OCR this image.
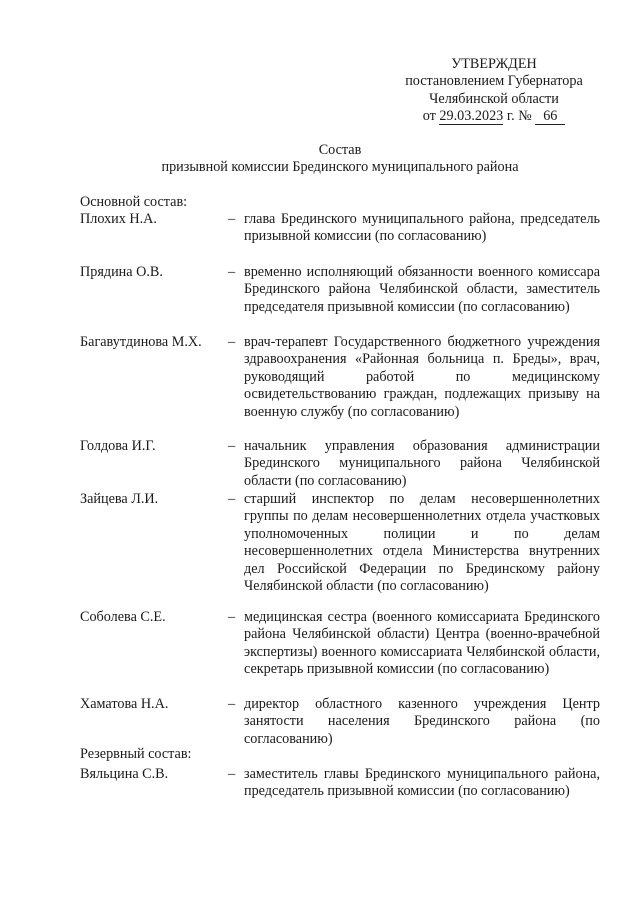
УТВЕРЖДЕН
постановлением Губернатора
Челябинской области
от
29.03.2023
г. №
66
Состав
призывной комиссии Брединского муниципального района
Основной состав:
Плохих Н.А.	– глава Брединского муниципального района, председатель призывной комиссии (по согласованию)
Прядина О.В.	– временно исполняющий обязанности военного комиссара Брединского района Челябинской области, заместитель председателя призывной комиссии (по согласованию)
Багавутдинова М.Х. – врач-терапевт Государственного бюджетного учреждения здравоохранения «Районная больница п. Бреды», врач, руководящий работой по медицинскому освидетельствованию граждан, подлежащих призыву на военную службу (по согласованию)
Голдова И.Г.	– начальник управления образования администрации Брединского муниципального района Челябинской области (по согласованию)
Зайцева Л.И.	– старший инспектор по делам несовершеннолетних группы по делам несовершеннолетних отдела участковых уполномоченных полиции и по делам несовершеннолетних отдела Министерства внутренних дел Российской Федерации по Брединскому району Челябинской области (по согласованию)
Соболева С.Е.	– медицинская сестра (военного комиссариата Брединского района Челябинской области) Центра (военно-врачебной экспертизы) военного комиссариата Челябинской области, секретарь призывной комиссии (по согласованию)
Хаматова Н.А.	– директор областного казенного учреждения Центр занятости населения Брединского района (по согласованию)
Резервный состав:
Вяльцина С.В.	– заместитель главы Брединского муниципального района, председатель призывной комиссии (по согласованию)
